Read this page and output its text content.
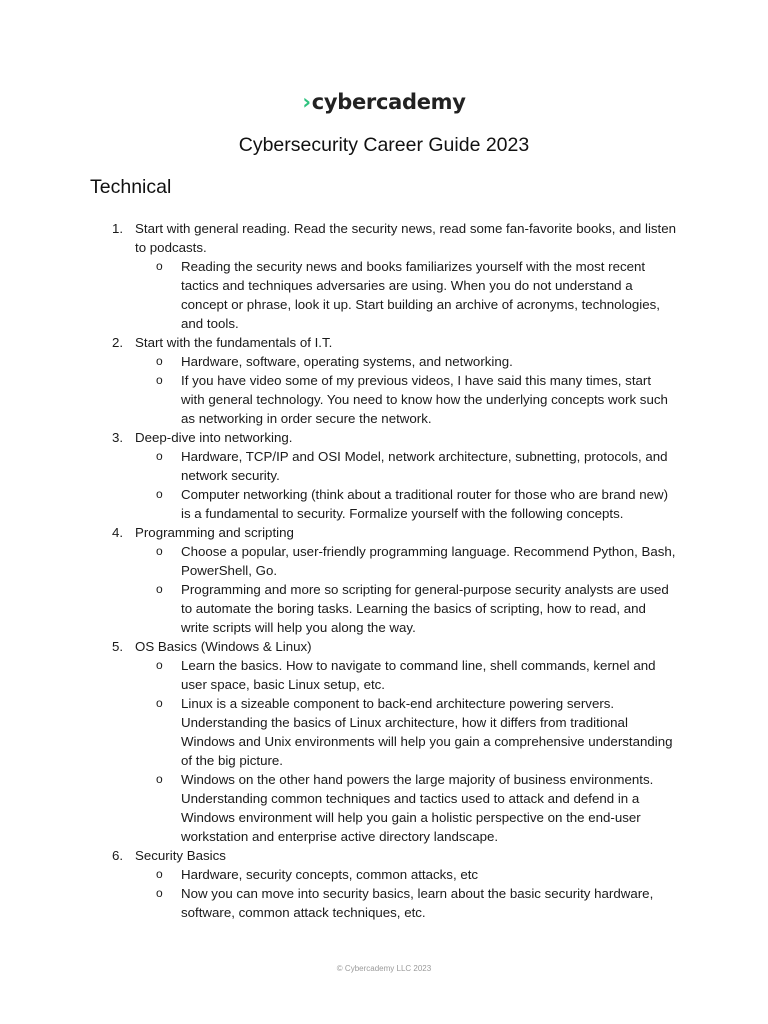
›cybercademy
Cybersecurity Career Guide 2023
Technical
1. Start with general reading. Read the security news, read some fan-favorite books, and listen to podcasts.
o Reading the security news and books familiarizes yourself with the most recent tactics and techniques adversaries are using. When you do not understand a concept or phrase, look it up. Start building an archive of acronyms, technologies, and tools.
2. Start with the fundamentals of I.T.
o Hardware, software, operating systems, and networking.
o If you have video some of my previous videos, I have said this many times, start with general technology. You need to know how the underlying concepts work such as networking in order secure the network.
3. Deep-dive into networking.
o Hardware, TCP/IP and OSI Model, network architecture, subnetting, protocols, and network security.
o Computer networking (think about a traditional router for those who are brand new) is a fundamental to security. Formalize yourself with the following concepts.
4. Programming and scripting
o Choose a popular, user-friendly programming language. Recommend Python, Bash, PowerShell, Go.
o Programming and more so scripting for general-purpose security analysts are used to automate the boring tasks. Learning the basics of scripting, how to read, and write scripts will help you along the way.
5. OS Basics (Windows & Linux)
o Learn the basics. How to navigate to command line, shell commands, kernel and user space, basic Linux setup, etc.
o Linux is a sizeable component to back-end architecture powering servers. Understanding the basics of Linux architecture, how it differs from traditional Windows and Unix environments will help you gain a comprehensive understanding of the big picture.
o Windows on the other hand powers the large majority of business environments. Understanding common techniques and tactics used to attack and defend in a Windows environment will help you gain a holistic perspective on the end-user workstation and enterprise active directory landscape.
6. Security Basics
o Hardware, security concepts, common attacks, etc
o Now you can move into security basics, learn about the basic security hardware, software, common attack techniques, etc.
© Cybercademy LLC 2023
